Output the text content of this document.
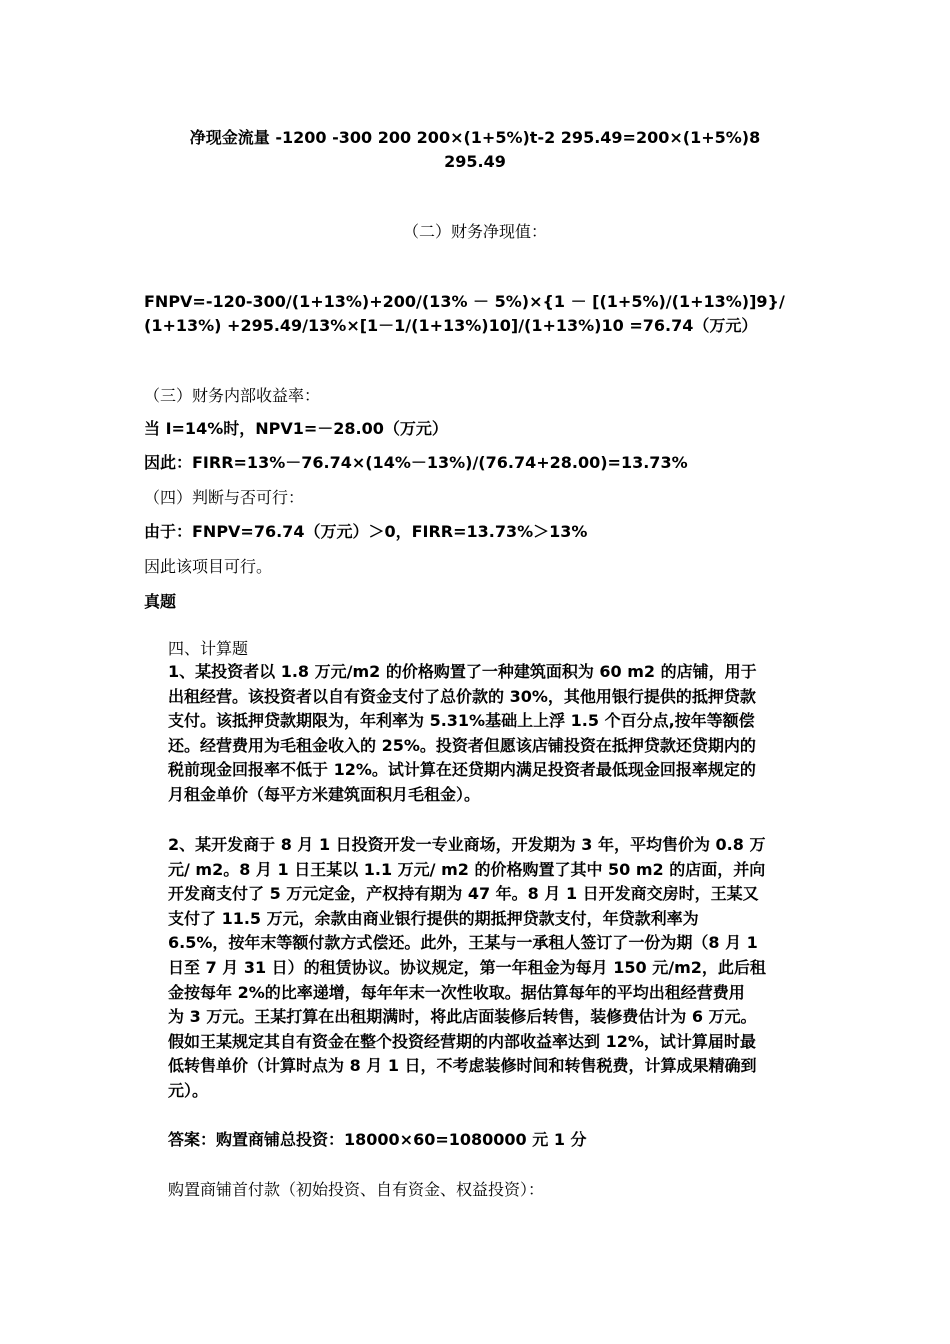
净现金流量 -1200 -300 200 200×(1+5%)t-2 295.49=200×(1+5%)8
295.49
（二）财务净现值：
FNPV=-120-300/(1+13%)+200/(13% － 5%)×{1 － [(1+5%)/(1+13%)]9}/
(1+13%) +295.49/13%×[1－1/(1+13%)10]/(1+13%)10 =76.74（万元）
（三）财务内部收益率：
当 I=14%时，NPV1=－28.00（万元）
因此：FIRR=13%－76.74×(14%－13%)/(76.74+28.00)=13.73%
（四）判断与否可行：
由于：FNPV=76.74（万元）＞0，FIRR=13.73%＞13%
因此该项目可行。
真题
四、计算题

1、某投资者以 1.8 万元/m2 的价格购置了一种建筑面积为 60 m2 的店铺，用于

出租经营。该投资者以自有资金支付了总价款的 30%，其他用银行提供的抵押贷款

支付。该抵押贷款期限为，年利率为 5.31%基础上上浮 1.5 个百分点,按年等额偿

还。经营费用为毛租金收入的 25%。投资者但愿该店铺投资在抵押贷款还贷期内的

税前现金回报率不低于 12%。试计算在还贷期内满足投资者最低现金回报率规定的

月租金单价（每平方米建筑面积月毛租金）。

2、某开发商于 8 月 1 日投资开发一专业商场，开发期为 3 年，平均售价为 0.8 万

元/ m2。8 月 1 日王某以 1.1 万元/ m2 的价格购置了其中 50 m2 的店面，并向

开发商支付了 5 万元定金，产权持有期为 47 年。8 月 1 日开发商交房时，王某又

支付了 11.5 万元，余款由商业银行提供的期抵押贷款支付，年贷款利率为

6.5%，按年末等额付款方式偿还。此外，王某与一承租人签订了一份为期（8 月 1

日至 7 月 31 日）的租赁协议。协议规定，第一年租金为每月 150 元/m2，此后租

金按每年 2%的比率递增，每年年末一次性收取。据估算每年的平均出租经营费用

为 3 万元。王某打算在出租期满时，将此店面装修后转售，装修费估计为 6 万元。

假如王某规定其自有资金在整个投资经营期的内部收益率达到 12%，试计算届时最

低转售单价（计算时点为 8 月 1 日，不考虑装修时间和转售税费，计算成果精确到

元）。

答案：购置商铺总投资：18000×60=1080000 元 1 分
购置商铺首付款（初始投资、自有资金、权益投资）：
